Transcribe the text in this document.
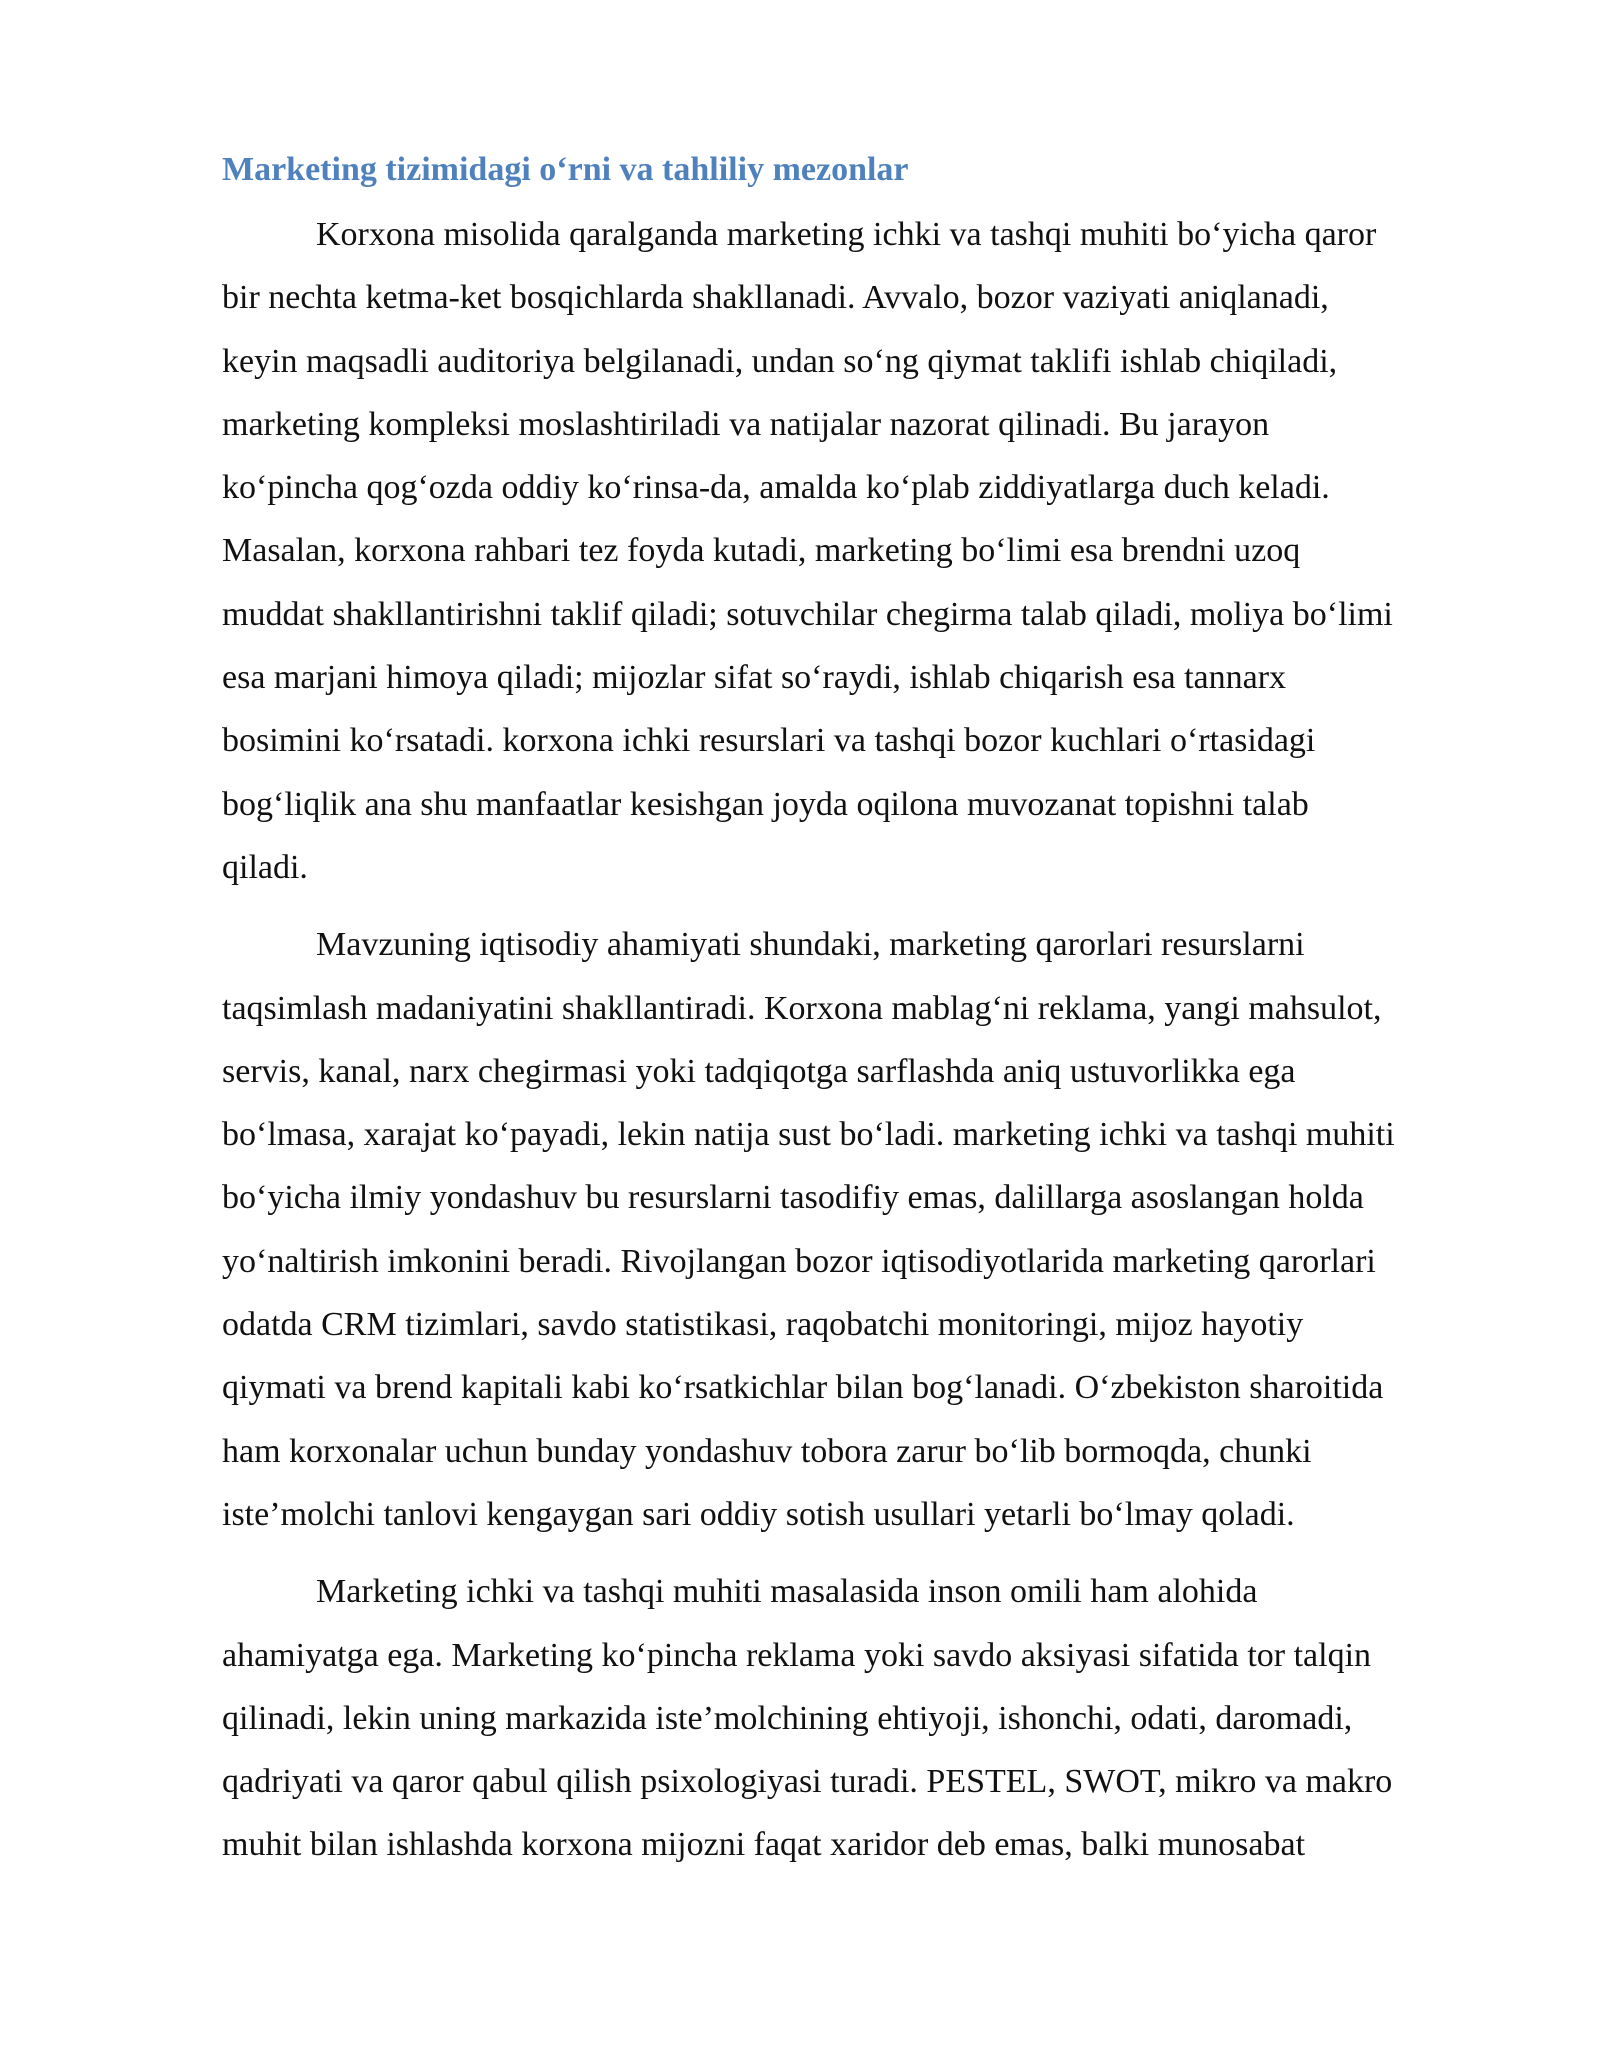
Marketing tizimidagi o‘rni va tahliliy mezonlar
Korxona misolida qaralganda marketing ichki va tashqi muhiti bo‘yicha qaror
bir nechta ketma-ket bosqichlarda shakllanadi. Avvalo, bozor vaziyati aniqlanadi,
keyin maqsadli auditoriya belgilanadi, undan so‘ng qiymat taklifi ishlab chiqiladi,
marketing kompleksi moslashtiriladi va natijalar nazorat qilinadi. Bu jarayon
ko‘pincha qog‘ozda oddiy ko‘rinsa-da, amalda ko‘plab ziddiyatlarga duch keladi.
Masalan, korxona rahbari tez foyda kutadi, marketing bo‘limi esa brendni uzoq
muddat shakllantirishni taklif qiladi; sotuvchilar chegirma talab qiladi, moliya bo‘limi
esa marjani himoya qiladi; mijozlar sifat so‘raydi, ishlab chiqarish esa tannarx
bosimini ko‘rsatadi. korxona ichki resurslari va tashqi bozor kuchlari o‘rtasidagi
bog‘liqlik ana shu manfaatlar kesishgan joyda oqilona muvozanat topishni talab
qiladi.
Mavzuning iqtisodiy ahamiyati shundaki, marketing qarorlari resurslarni
taqsimlash madaniyatini shakllantiradi. Korxona mablag‘ni reklama, yangi mahsulot,
servis, kanal, narx chegirmasi yoki tadqiqotga sarflashda aniq ustuvorlikka ega
bo‘lmasa, xarajat ko‘payadi, lekin natija sust bo‘ladi. marketing ichki va tashqi muhiti
bo‘yicha ilmiy yondashuv bu resurslarni tasodifiy emas, dalillarga asoslangan holda
yo‘naltirish imkonini beradi. Rivojlangan bozor iqtisodiyotlarida marketing qarorlari
odatda CRM tizimlari, savdo statistikasi, raqobatchi monitoringi, mijoz hayotiy
qiymati va brend kapitali kabi ko‘rsatkichlar bilan bog‘lanadi. O‘zbekiston sharoitida
ham korxonalar uchun bunday yondashuv tobora zarur bo‘lib bormoqda, chunki
iste’molchi tanlovi kengaygan sari oddiy sotish usullari yetarli bo‘lmay qoladi.
Marketing ichki va tashqi muhiti masalasida inson omili ham alohida
ahamiyatga ega. Marketing ko‘pincha reklama yoki savdo aksiyasi sifatida tor talqin
qilinadi, lekin uning markazida iste’molchining ehtiyoji, ishonchi, odati, daromadi,
qadriyati va qaror qabul qilish psixologiyasi turadi. PESTEL, SWOT, mikro va makro
muhit bilan ishlashda korxona mijozni faqat xaridor deb emas, balki munosabat
